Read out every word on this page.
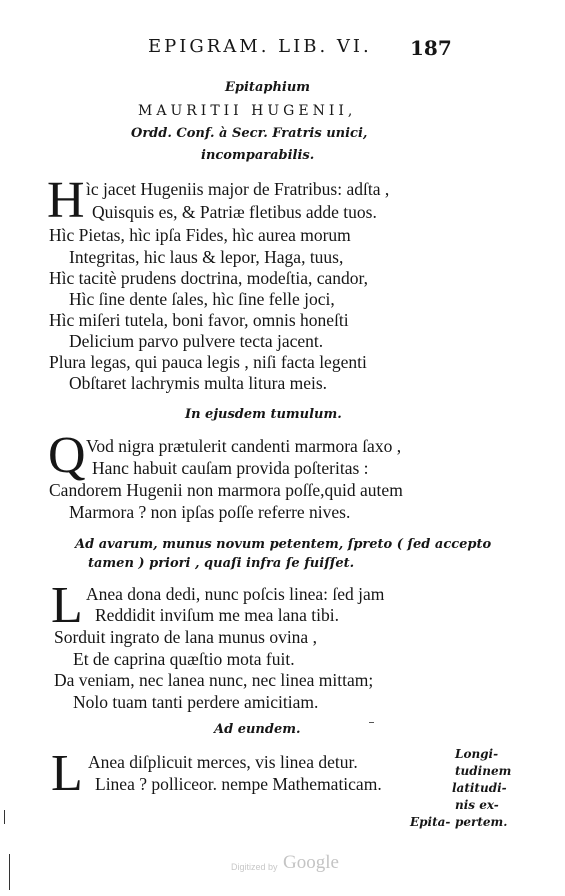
EPIGRAM. LIB. VI. 187
Epitaphium
MAURITII HUGENII,
Ordd. Conf. à Secr. Fratris unici,
incomparabilis.
H ìc jacet Hugeniis major de Fratribus: adſta ,
Quisquis es, & Patriæ fletibus adde tuos.
Hìc Pietas, hìc ipſa Fides, hìc aurea morum
Integritas, hic laus & lepor, Haga, tuus,
Hìc tacitè prudens doctrina, modeſtia, candor,
Hìc ſine dente ſales, hìc ſine felle joci,
Hìc miſeri tutela, boni favor, omnis honeſti
Delicium parvo pulvere tecta jacent.
Plura legas, qui pauca legis , niſi facta legenti
Obſtaret lachrymis multa litura meis.
In ejusdem tumulum.
Q Vod nigra prætulerit candenti marmora ſaxo ,
Hanc habuit cauſam provida poſteritas :
Candorem Hugenii non marmora poſſe,quid autem
Marmora ? non ipſas poſſe referre nives.
Ad avarum, munus novum petentem, ſpreto ( ſed accepto
tamen ) priori , quaſi infra ſe fuiſſet.
L Anea dona dedi, nunc poſcis linea: ſed jam
Reddidit inviſum me mea lana tibi.
Sorduit ingrato de lana munus ovina ,
Et de caprina quæſtio mota fuit.
Da veniam, nec lanea nunc, nec linea mittam;
Nolo tuam tanti perdere amicitiam.
Ad eundem.
L Anea diſplicuit merces, vis linea detur.
Linea ? polliceor. nempe Mathematicam.
Longi-
tudinem
latitudi-
nis ex-
pertem.
Epita-
Digitized by Google
